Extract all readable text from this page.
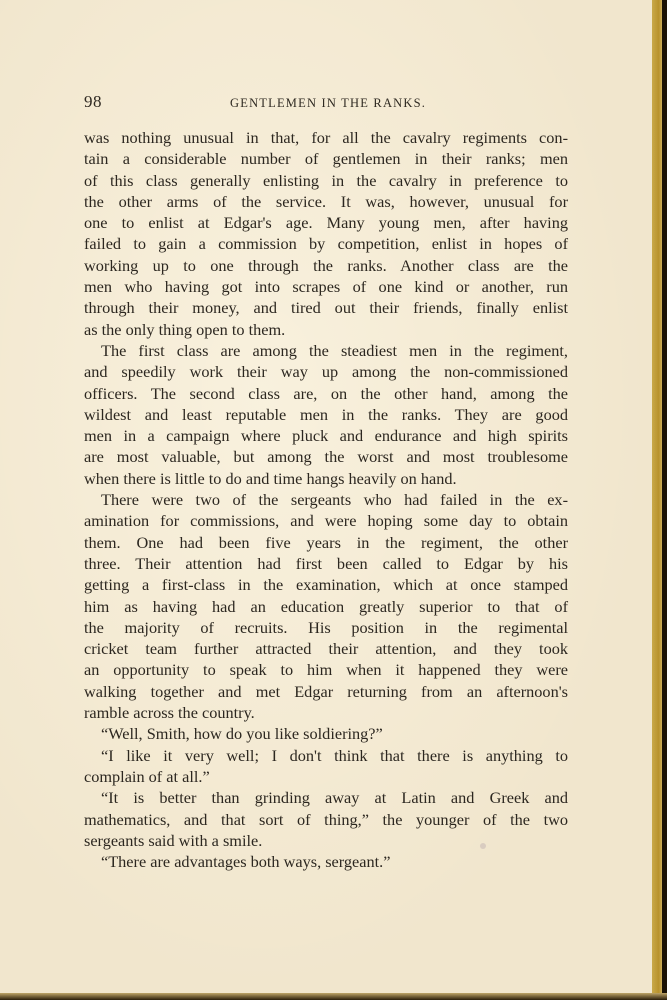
98	GENTLEMEN IN THE RANKS.
was nothing unusual in that, for all the cavalry regiments con-
tain a considerable number of gentlemen in their ranks; men
of this class generally enlisting in the cavalry in preference to
the other arms of the service. It was, however, unusual for
one to enlist at Edgar's age. Many young men, after having
failed to gain a commission by competition, enlist in hopes of
working up to one through the ranks. Another class are the
men who having got into scrapes of one kind or another, run
through their money, and tired out their friends, finally enlist
as the only thing open to them.
The first class are among the steadiest men in the regiment,
and speedily work their way up among the non-commissioned
officers. The second class are, on the other hand, among the
wildest and least reputable men in the ranks. They are good
men in a campaign where pluck and endurance and high spirits
are most valuable, but among the worst and most troublesome
when there is little to do and time hangs heavily on hand.
There were two of the sergeants who had failed in the ex-
amination for commissions, and were hoping some day to obtain
them. One had been five years in the regiment, the other
three. Their attention had first been called to Edgar by his
getting a first-class in the examination, which at once stamped
him as having had an education greatly superior to that of
the majority of recruits. His position in the regimental
cricket team further attracted their attention, and they took
an opportunity to speak to him when it happened they were
walking together and met Edgar returning from an afternoon's
ramble across the country.
“Well, Smith, how do you like soldiering?”
“I like it very well; I don't think that there is anything to
complain of at all.”
“It is better than grinding away at Latin and Greek and
mathematics, and that sort of thing,” the younger of the two
sergeants said with a smile.
“There are advantages both ways, sergeant.”
